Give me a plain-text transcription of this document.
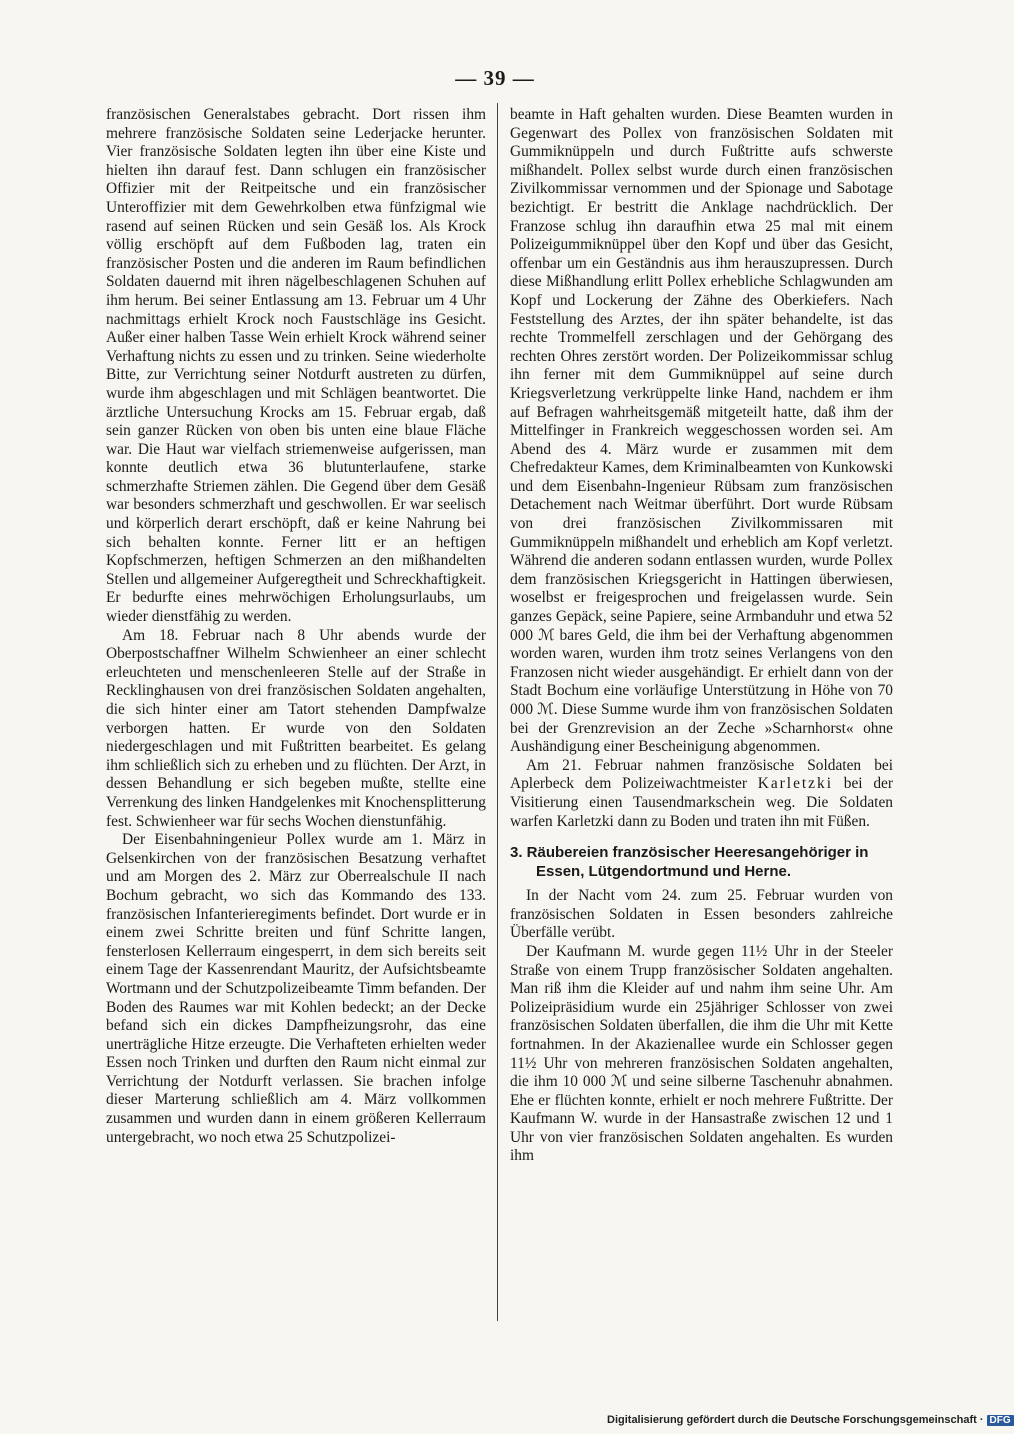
— 39 —

französischen Generalstabes gebracht. Dort rissen ihm mehrere französische Soldaten seine Lederjacke herunter. Vier französische Soldaten legten ihn über eine Kiste und hielten ihn darauf fest. Dann schlugen ein französischer Offizier mit der Reitpeitsche und ein französischer Unteroffizier mit dem Gewehrkolben etwa fünfzigmal wie rasend auf seinen Rücken und sein Gesäß los. Als Krock völlig erschöpft auf dem Fußboden lag, traten ein französischer Posten und die anderen im Raum befindlichen Soldaten dauernd mit ihren nägelbeschlagenen Schuhen auf ihm herum. Bei seiner Entlassung am 13. Februar um 4 Uhr nachmittags erhielt Krock noch Faustschläge ins Gesicht. Außer einer halben Tasse Wein erhielt Krock während seiner Verhaftung nichts zu essen und zu trinken. Seine wiederholte Bitte, zur Verrichtung seiner Notdurft austreten zu dürfen, wurde ihm abgeschlagen und mit Schlägen beantwortet. Die ärztliche Untersuchung Krocks am 15. Februar ergab, daß sein ganzer Rücken von oben bis unten eine blaue Fläche war. Die Haut war vielfach striemenweise aufgerissen, man konnte deutlich etwa 36 blutunterlaufene, starke schmerzhafte Striemen zählen. Die Gegend über dem Gesäß war besonders schmerzhaft und geschwollen. Er war seelisch und körperlich derart erschöpft, daß er keine Nahrung bei sich behalten konnte. Ferner litt er an heftigen Kopfschmerzen, heftigen Schmerzen an den mißhandelten Stellen und allgemeiner Aufgeregtheit und Schreckhaftigkeit. Er bedurfte eines mehrwöchigen Erholungsurlaubs, um wieder dienstfähig zu werden.

Am 18. Februar nach 8 Uhr abends wurde der Oberpostschaffner Wilhelm Schwienheer an einer schlecht erleuchteten und menschenleeren Stelle auf der Straße in Recklinghausen von drei französischen Soldaten angehalten, die sich hinter einer am Tatort stehenden Dampfwalze verborgen hatten. Er wurde von den Soldaten niedergeschlagen und mit Fußtritten bearbeitet. Es gelang ihm schließlich sich zu erheben und zu flüchten. Der Arzt, in dessen Behandlung er sich begeben mußte, stellte eine Verrenkung des linken Handgelenkes mit Knochensplitterung fest. Schwienheer war für sechs Wochen dienstunfähig.

Der Eisenbahningenieur Pollex wurde am 1. März in Gelsenkirchen von der französischen Besatzung verhaftet und am Morgen des 2. März zur Oberrealschule II nach Bochum gebracht, wo sich das Kommando des 133. französischen Infanterieregiments befindet. Dort wurde er in einem zwei Schritte breiten und fünf Schritte langen, fensterlosen Kellerraum eingesperrt, in dem sich bereits seit einem Tage der Kassenrendant Mauritz, der Aufsichtsbeamte Wortmann und der Schutzpolizeibeamte Timm befanden. Der Boden des Raumes war mit Kohlen bedeckt; an der Decke befand sich ein dickes Dampfheizungsrohr, das eine unerträgliche Hitze erzeugte. Die Verhafteten erhielten weder Essen noch Trinken und durften den Raum nicht einmal zur Verrichtung der Notdurft verlassen. Sie brachen infolge dieser Marterung schließlich am 4. März vollkommen zusammen und wurden dann in einem größeren Kellerraum untergebracht, wo noch etwa 25 Schutzpolizei-

beamte in Haft gehalten wurden. Diese Beamten wurden in Gegenwart des Pollex von französischen Soldaten mit Gummiknüppeln und durch Fußtritte aufs schwerste mißhandelt. Pollex selbst wurde durch einen französischen Zivilkommissar vernommen und der Spionage und Sabotage bezichtigt. Er bestritt die Anklage nachdrücklich. Der Franzose schlug ihn daraufhin etwa 25 mal mit einem Polizeigummiknüppel über den Kopf und über das Gesicht, offenbar um ein Geständnis aus ihm herauszupressen. Durch diese Mißhandlung erlitt Pollex erhebliche Schlagwunden am Kopf und Lockerung der Zähne des Oberkiefers. Nach Feststellung des Arztes, der ihn später behandelte, ist das rechte Trommelfell zerschlagen und der Gehörgang des rechten Ohres zerstört worden. Der Polizeikommissar schlug ihn ferner mit dem Gummiknüppel auf seine durch Kriegsverletzung verkrüppelte linke Hand, nachdem er ihm auf Befragen wahrheitsgemäß mitgeteilt hatte, daß ihm der Mittelfinger in Frankreich weggeschossen worden sei. Am Abend des 4. März wurde er zusammen mit dem Chefredakteur Kames, dem Kriminalbeamten von Kunkowski und dem Eisenbahn-Ingenieur Rübsam zum französischen Detachement nach Weitmar überführt. Dort wurde Rübsam von drei französischen Zivilkommissaren mit Gummiknüppeln mißhandelt und erheblich am Kopf verletzt. Während die anderen sodann entlassen wurden, wurde Pollex dem französischen Kriegsgericht in Hattingen überwiesen, woselbst er freigesprochen und freigelassen wurde. Sein ganzes Gepäck, seine Papiere, seine Armbanduhr und etwa 52 000 ℳ bares Geld, die ihm bei der Verhaftung abgenommen worden waren, wurden ihm trotz seines Verlangens von den Franzosen nicht wieder ausgehändigt. Er erhielt dann von der Stadt Bochum eine vorläufige Unterstützung in Höhe von 70 000 ℳ. Diese Summe wurde ihm von französischen Soldaten bei der Grenzrevision an der Zeche »Scharnhorst« ohne Aushändigung einer Bescheinigung abgenommen.

Am 21. Februar nahmen französische Soldaten bei Aplerbeck dem Polizeiwachtmeister Karletzki bei der Visitierung einen Tausendmarkschein weg. Die Soldaten warfen Karletzki dann zu Boden und traten ihn mit Füßen.

3. Räubereien französischer Heeresangehöriger in
Essen, Lütgendortmund und Herne.

In der Nacht vom 24. zum 25. Februar wurden von französischen Soldaten in Essen besonders zahlreiche Überfälle verübt.

Der Kaufmann M. wurde gegen 11½ Uhr in der Steeler Straße von einem Trupp französischer Soldaten angehalten. Man riß ihm die Kleider auf und nahm ihm seine Uhr. Am Polizeipräsidium wurde ein 25jähriger Schlosser von zwei französischen Soldaten überfallen, die ihm die Uhr mit Kette fortnahmen. In der Akazienallee wurde ein Schlosser gegen 11½ Uhr von mehreren französischen Soldaten angehalten, die ihm 10 000 ℳ und seine silberne Taschenuhr abnahmen. Ehe er flüchten konnte, erhielt er noch mehrere Fußtritte. Der Kaufmann W. wurde in der Hansastraße zwischen 12 und 1 Uhr von vier französischen Soldaten angehalten. Es wurden ihm

Digitalisierung gefördert durch die Deutsche Forschungsgemeinschaft · DFG
